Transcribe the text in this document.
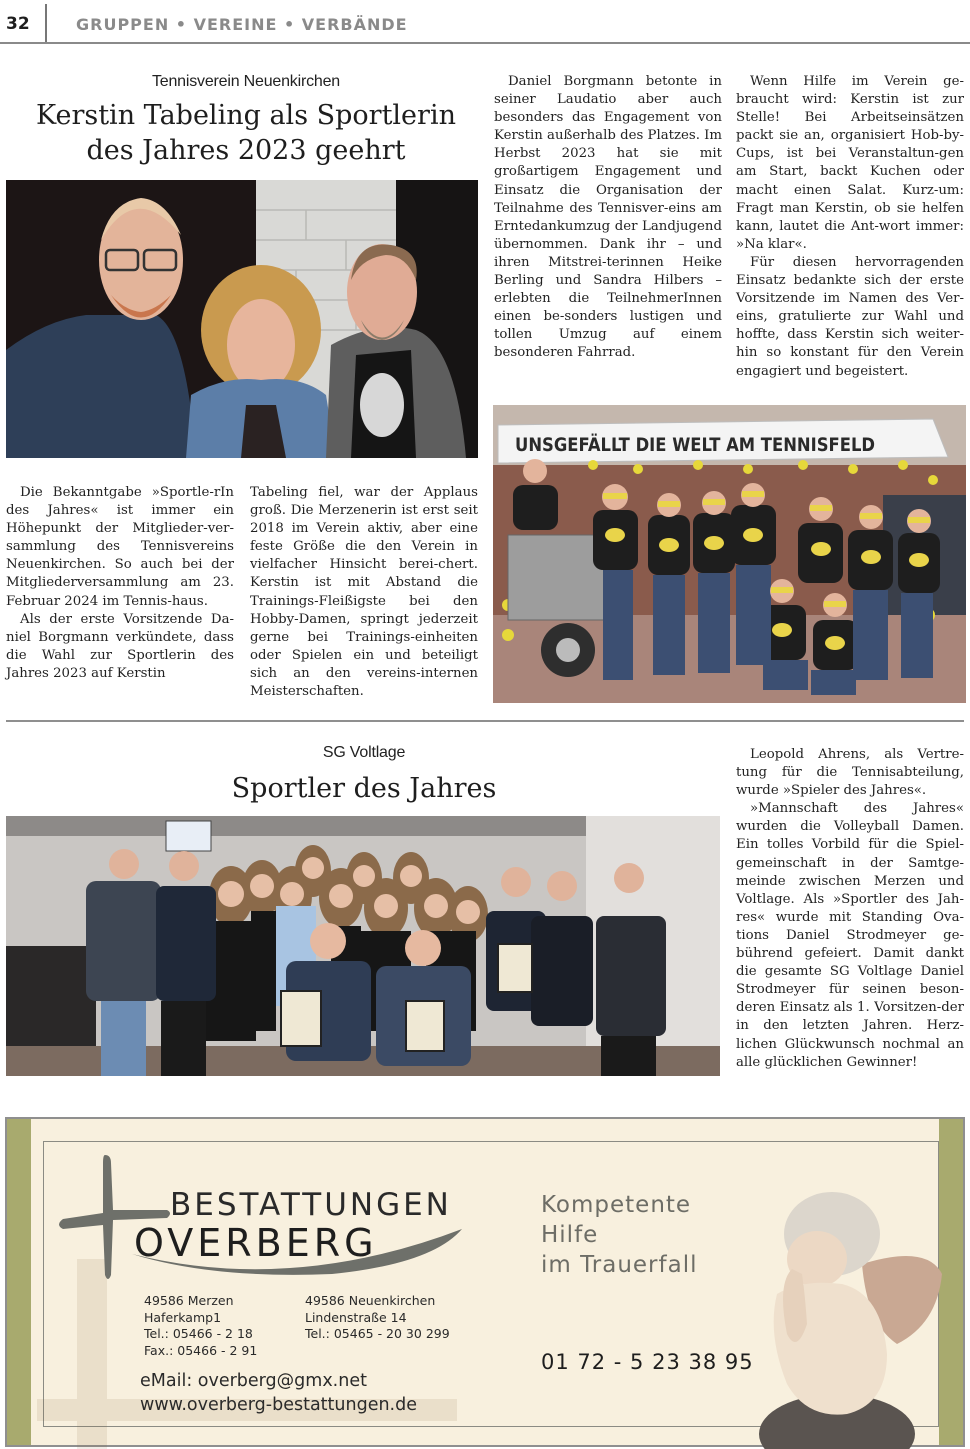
32	GRUPPEN • VEREINE • VERBÄNDE
Tennisverein Neuenkirchen
Kerstin Tabeling als Sportlerin
des Jahres 2023 geehrt

Die Bekanntgabe »Sportle-rIn des Jahres« ist immer ein Höhepunkt der Mitglieder-ver-sammlung des Tennisvereins Neuenkirchen. So auch bei der Mitgliederversammlung am 23. Februar 2024 im Tennis-haus.

Als der erste Vorsitzende Da-niel Borgmann verkündete, dass die Wahl zur Sportlerin des Jahres 2023 auf Kerstin

Tabeling fiel, war der Applaus groß. Die Merzenerin ist erst seit 2018 im Verein aktiv, aber eine feste Größe die den Verein in vielfacher Hinsicht berei-chert. Kerstin ist mit Abstand die Trainings-Fleißigste bei den Hobby-Damen, springt jederzeit gerne bei Trainings-einheiten oder Spielen ein und beteiligt sich an den vereins-internen Meisterschaften.

Daniel Borgmann betonte in seiner Laudatio aber auch besonders das Engagement von Kerstin außerhalb des Platzes. Im Herbst 2023 hat sie mit großartigem Engagement und Einsatz die Organisation der Teilnahme des Tennisver-eins am Erntedankumzug der Landjugend übernommen. Dank ihr – und ihren Mitstrei-terinnen Heike Berling und Sandra Hilbers – erlebten die TeilnehmerInnen einen be-sonders lustigen und tollen Umzug auf einem besonderen Fahrrad.

Wenn Hilfe im Verein ge-braucht wird: Kerstin ist zur Stelle! Bei Arbeitseinsätzen packt sie an, organisiert Hob-by-Cups, ist bei Veranstaltun-gen am Start, backt Kuchen oder macht einen Salat. Kurz-um: Fragt man Kerstin, ob sie helfen kann, lautet die Ant-wort immer: »Na klar«.

Für diesen hervorragenden Einsatz bedankte sich der erste Vorsitzende im Namen des Ver-eins, gratulierte zur Wahl und hoffte, dass Kerstin sich weiter-hin so konstant für den Verein engagiert und begeistert.

UNSGEFÄLLT DIE WELT AM TENNISFELD
SG Voltlage
Sportler des Jahres

Leopold Ahrens, als Vertre-tung für die Tennisabteilung, wurde »Spieler des Jahres«.

»Mannschaft des Jahres« wurden die Volleyball Damen. Ein tolles Vorbild für die Spiel-gemeinschaft in der Samtge-meinde zwischen Merzen und Voltlage. Als »Sportler des Jah-res« wurde mit Standing Ova-tions Daniel Strodmeyer ge-bührend gefeiert. Damit dankt die gesamte SG Voltlage Daniel Strodmeyer für seinen beson-deren Einsatz als 1. Vorsitzen-der in den letzten Jahren. Herz-lichen Glückwunsch nochmal an alle glücklichen Gewinner!

BESTATTUNGEN
OVERBERG
49586 Merzen
Haferkamp1
Tel.: 05466 - 2 18
Fax.: 05466 - 2 91
49586 Neuenkirchen
Lindenstraße 14
Tel.: 05465 - 20 30 299
eMail: overberg@gmx.net
www.overberg-bestattungen.de
Kompetente
Hilfe
im Trauerfall
01 72 - 5 23 38 95
